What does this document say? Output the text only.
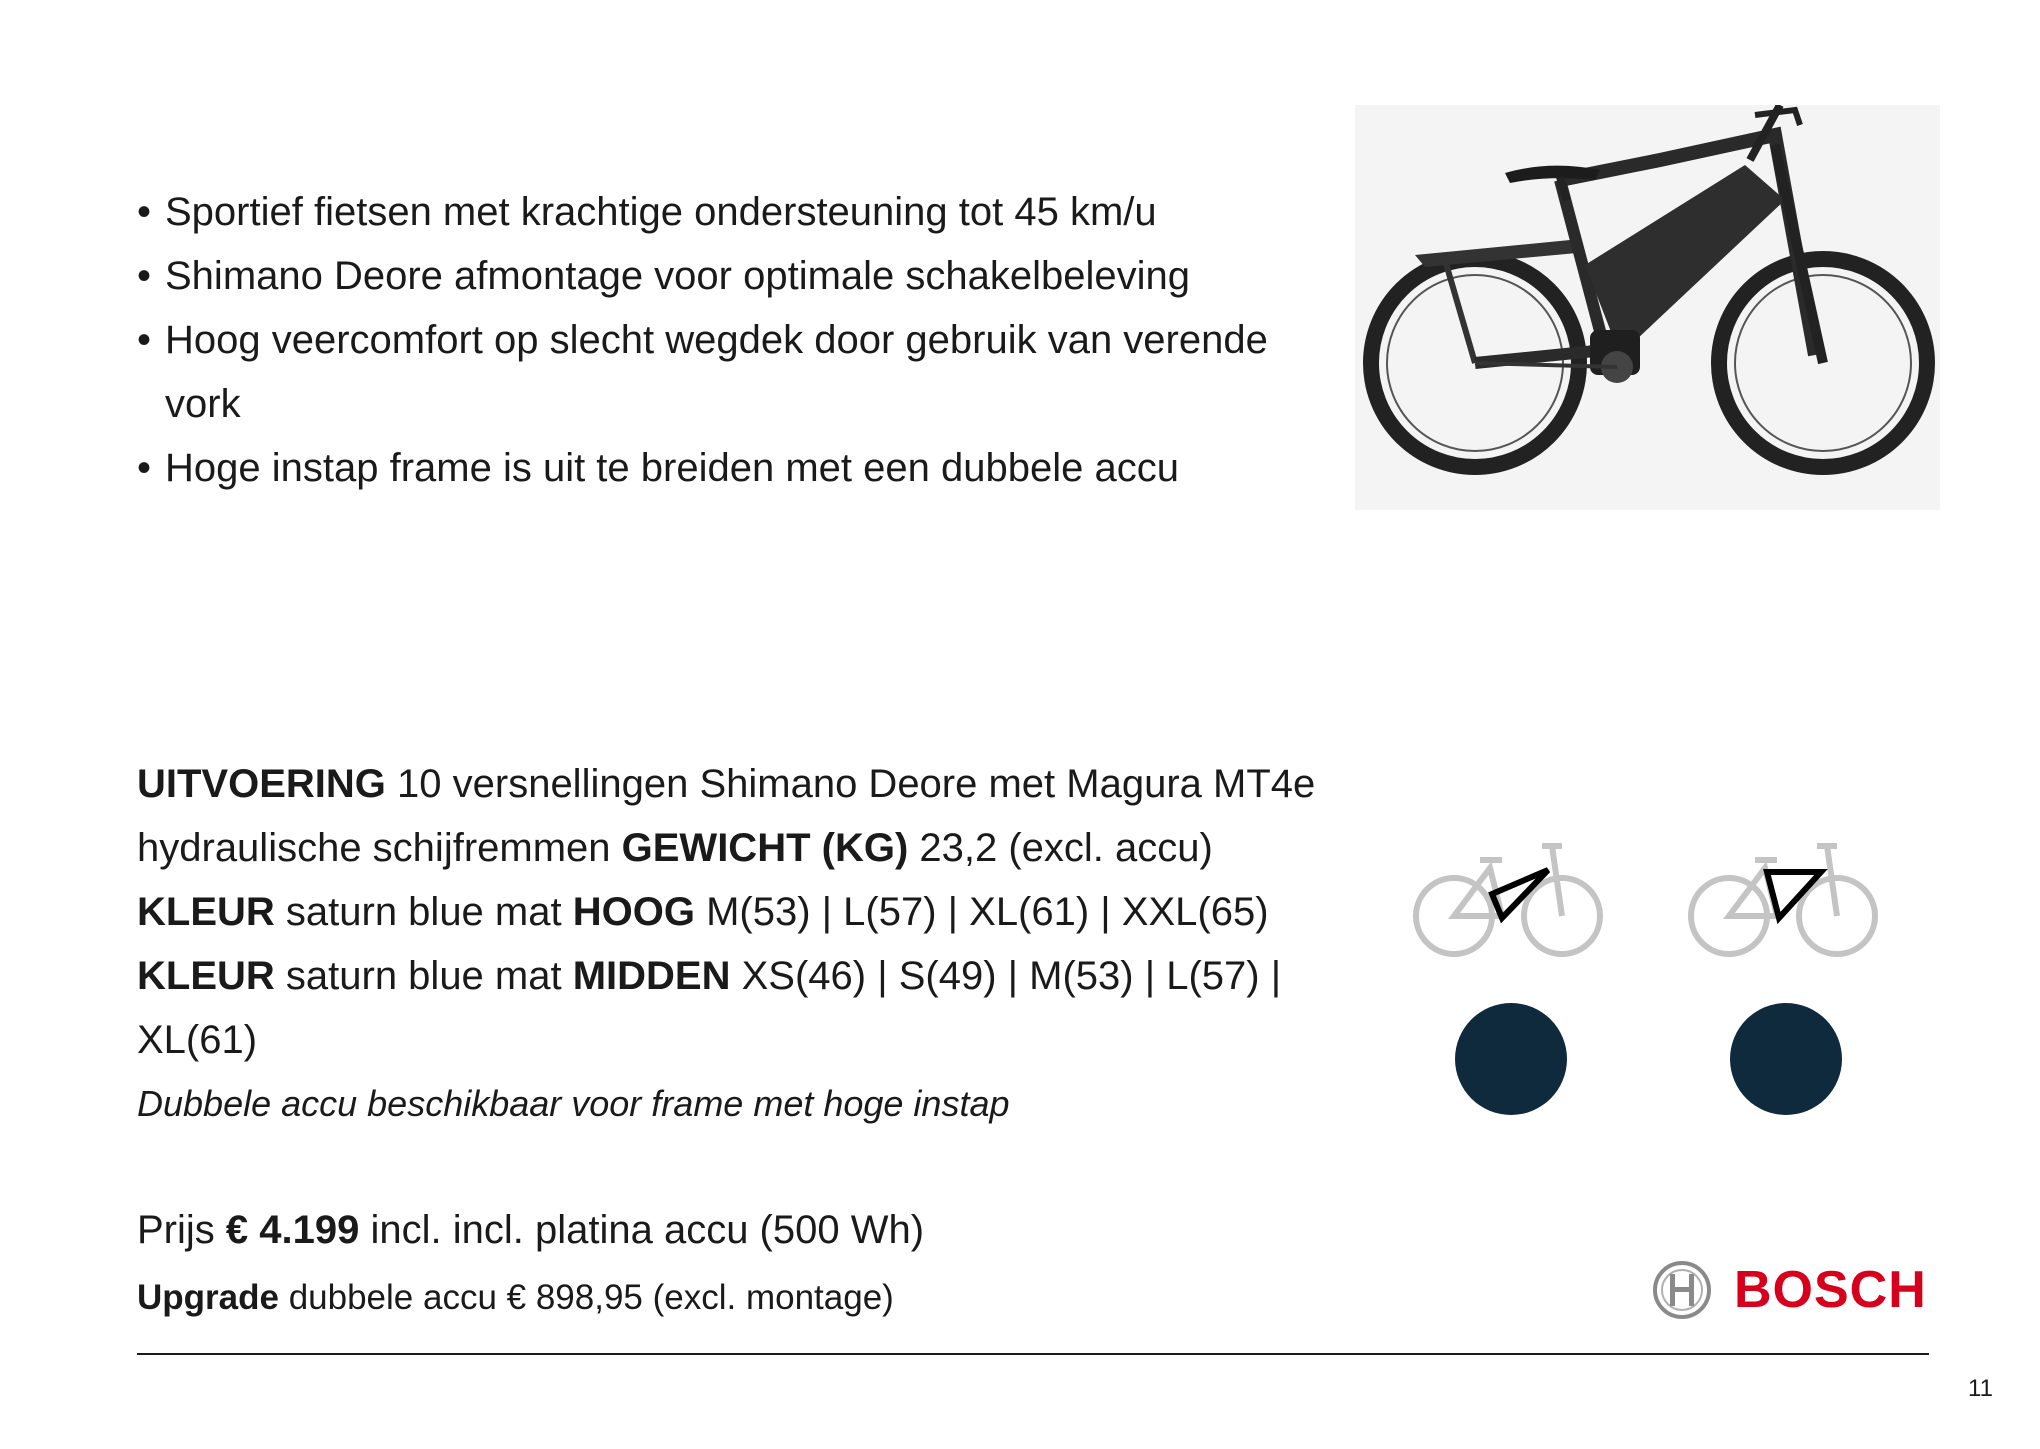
• Sportief fietsen met krachtige ondersteuning tot 45 km/u
• Shimano Deore afmontage voor optimale schakelbeleving
• Hoog veercomfort op slecht wegdek door gebruik van verende vork
• Hoge instap frame is uit te breiden met een dubbele accu
UITVOERING 10 versnellingen Shimano Deore met Magura MT4e hydraulische schijfremmen GEWICHT (KG) 23,2 (excl. accu) KLEUR saturn blue mat HOOG M(53) | L(57) | XL(61) | XXL(65) KLEUR saturn blue mat MIDDEN XS(46) | S(49) | M(53) | L(57) | XL(61)
Dubbele accu beschikbaar voor frame met hoge instap
Prijs € 4.199 incl. incl. platina accu (500 Wh)
Upgrade dubbele accu € 898,95 (excl. montage)	BOSCH
11
